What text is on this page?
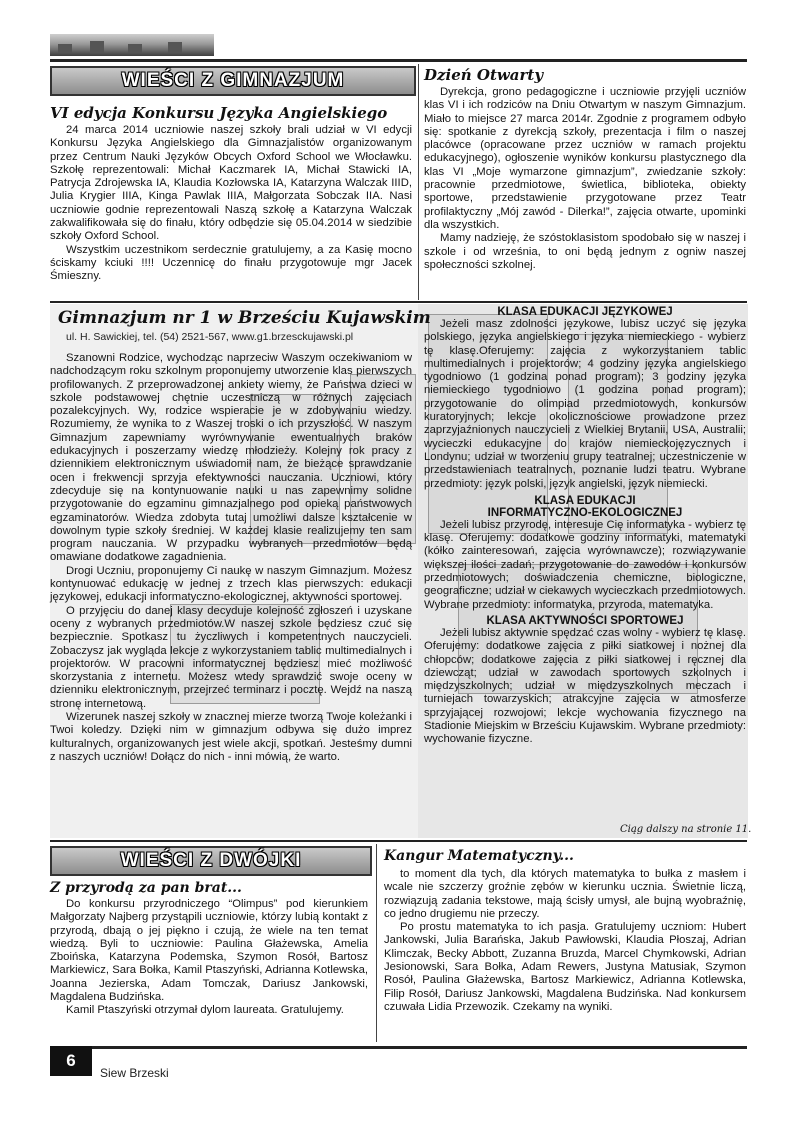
WIEŚCI Z GIMNAZJUM
VI edycja Konkursu Języka Angielskiego
24 marca 2014 uczniowie naszej szkoły brali udział w VI edycji Konkursu Języka Angielskiego dla Gimnazjalistów organizowanym przez Centrum Nauki Języków Obcych Oxford School we Włocławku. Szkołę reprezentowali: Michał Kaczmarek IA, Michał Stawicki IA, Patrycja Zdrojewska IA, Klaudia Kozłowska IA, Katarzyna Walczak IIID, Julia Krygier IIIA, Kinga Pawlak IIIA, Małgorzata Sobczak IIA. Nasi uczniowie godnie reprezentowali Naszą szkołę a Katarzyna Walczak zakwalifikowała się do finału, który odbędzie się 05.04.2014 w siedzibie szkoły Oxford School.
Wszystkim uczestnikom serdecznie gratulujemy, a za Kasię mocno ściskamy kciuki !!!! Uczennicę do finału przygotowuje mgr Jacek Śmieszny.
Dzień Otwarty
Dyrekcja, grono pedagogiczne i uczniowie przyjęli uczniów klas VI i ich rodziców na Dniu Otwartym w naszym Gimnazjum. Miało to miejsce 27 marca 2014r. Zgodnie z programem odbyło się: spotkanie z dyrekcją szkoły, prezentacja i film o naszej placówce (opracowane przez uczniów w ramach projektu edukacyjnego), ogłoszenie wyników konkursu plastycznego dla klas VI „Moje wymarzone gimnazjum”, zwiedzanie szkoły: pracownie przedmiotowe, świetlica, biblioteka, obiekty sportowe, przedstawienie przygotowane przez Teatr profilaktyczny „Mój zawód - Dilerka!”, zajęcia otwarte, upominki dla wszystkich.
Mamy nadzieję, że szóstoklasistom spodobało się w naszej i szkole i od września, to oni będą jednym z ogniw naszej społeczności szkolnej.
Gimnazjum nr 1 w Brześciu Kujawskim
ul. H. Sawickiej, tel. (54) 2521-567, www.g1.brzesckujawski.pl
Szanowni Rodzice, wychodząc naprzeciw Waszym oczekiwaniom w nadchodzącym roku szkolnym proponujemy utworzenie klas pierwszych profilowanych. Z przeprowadzonej ankiety wiemy, że Państwa dzieci w szkole podstawowej chętnie uczestniczą w różnych zajęciach pozalekcyjnych. Wy, rodzice wspieracie je w zdobywaniu wiedzy. Rozumiemy, że wynika to z Waszej troski o ich przyszłość. W naszym Gimnazjum zapewniamy wyrównywanie ewentualnych braków edukacyjnych i poszerzamy wiedzę młodzieży. Kolejny rok pracy z dziennikiem elektronicznym uświadomił nam, że bieżące sprawdzanie ocen i frekwencji sprzyja efektywności nauczania. Uczniowi, który zdecyduje się na kontynuowanie nauki u nas zapewnimy solidne przygotowanie do egzaminu gimnazjalnego pod opieką państwowych egzaminatorów. Wiedza zdobyta tutaj umożliwi dalsze kształcenie w dowolnym typie szkoły średniej. W każdej klasie realizujemy ten sam program nauczania. W przypadku wybranych przedmiotów będą omawiane dodatkowe zagadnienia.
Drogi Uczniu, proponujemy Ci naukę w naszym Gimnazjum. Możesz kontynuować edukację w jednej z trzech klas pierwszych: edukacji językowej, edukacji informatyczno-ekologicznej, aktywności sportowej.
O przyjęciu do danej klasy decyduje kolejność zgłoszeń i uzyskane oceny z wybranych przedmiotów.W naszej szkole będziesz czuć się bezpiecznie. Spotkasz tu życzliwych i kompetentnych nauczycieli. Zobaczysz jak wygląda lekcje z wykorzystaniem tablic multimedialnych i projektorów. W pracowni informatycznej będziesz mieć możliwość skorzystania z internetu. Możesz wtedy sprawdzić swoje oceny w dzienniku elektronicznym, przejrzeć terminarz i pocztę. Wejdź na naszą stronę internetową.
Wizerunek naszej szkoły w znacznej mierze tworzą Twoje koleżanki i Twoi koledzy. Dzięki nim w gimnazjum odbywa się dużo imprez kulturalnych, organizowanych jest wiele akcji, spotkań. Jesteśmy dumni z naszych uczniów! Dołącz do nich - inni mówią, że warto.
KLASA EDUKACJI JĘZYKOWEJ
Jeżeli masz zdolności językowe, lubisz uczyć się języka polskiego, języka angielskiego i języka niemieckiego - wybierz tę klasę.Oferujemy: zajęcia z wykorzystaniem tablic multimedialnych i projektorów; 4 godziny języka angielskiego tygodniowo (1 godzina ponad program); 3 godziny języka niemieckiego tygodniowo (1 godzina ponad program); przygotowanie do olimpiad przedmiotowych, konkursów kuratoryjnych; lekcje okolicznościowe prowadzone przez zaprzyjaźnionych nauczycieli z Wielkiej Brytanii, USA, Australii; wycieczki edukacyjne do krajów niemieckojęzycznych i Londynu; udział w tworzeniu grupy teatralnej; uczestniczenie w przedstawieniach teatralnych, poznanie ludzi teatru. Wybrane przedmioty: język polski, język angielski, język niemiecki.
KLASA EDUKACJI
INFORMATYCZNO-EKOLOGICZNEJ
Jeżeli lubisz przyrodę, interesuje Cię informatyka - wybierz tę klasę. Oferujemy: dodatkowe godziny informatyki, matematyki (kółko zainteresowań, zajęcia wyrównawcze); rozwiązywanie większej ilości zadań; przygotowanie do zawodów i konkursów przedmiotowych; doświadczenia chemiczne, biologiczne, geograficzne; udział w ciekawych wycieczkach przedmiotowych. Wybrane przedmioty: informatyka, przyroda, matematyka.
KLASA AKTYWNOŚCI SPORTOWEJ
Jeżeli lubisz aktywnie spędzać czas wolny - wybierz tę klasę. Oferujemy: dodatkowe zajęcia z piłki siatkowej i nożnej dla chłopców; dodatkowe zajęcia z piłki siatkowej i ręcznej dla dziewcząt; udział w zawodach sportowych szkolnych i międzyszkolnych; udział w międzyszkolnych meczach i turniejach towarzyskich; atrakcyjne zajęcia w atmosferze sprzyjającej rozwojowi; lekcje wychowania fizycznego na Stadionie Miejskim w Brześciu Kujawskim. Wybrane przedmioty: wychowanie fizyczne.
Ciąg dalszy na stronie 11.
WIEŚCI Z DWÓJKI
Z przyrodą za pan brat...
Do konkursu przyrodniczego “Olimpus” pod kierunkiem Małgorzaty Najberg przystąpili uczniowie, którzy lubią kontakt z przyrodą, dbają o jej piękno i czują, że wiele na ten temat wiedzą. Byli to uczniowie: Paulina Głażewska, Amelia Zboińska, Katarzyna Podemska, Szymon Rosół, Bartosz Markiewicz, Sara Bołka, Kamil Ptaszyński, Adrianna Kotlewska, Joanna Jezierska, Adam Tomczak, Dariusz Jankowski, Magdalena Budzińska.
Kamil Ptaszyński otrzymał dylom laureata. Gratulujemy.
Kangur Matematyczny...
to moment dla tych, dla których matematyka to bułka z masłem i wcale nie szczerzy groźnie zębów w kierunku ucznia. Świetnie liczą, rozwiązują zadania tekstowe, mają ścisły umysł, ale bujną wyobraźnię, co jedno drugiemu nie przeczy.
Po prostu matematyka to ich pasja. Gratulujemy uczniom: Hubert Jankowski, Julia Barańska, Jakub Pawłowski, Klaudia Płoszaj, Adrian Klimczak, Becky Abbott, Zuzanna Bruzda, Marcel Chymkowski, Adrian Jesionowski, Sara Bołka, Adam Rewers, Justyna Matusiak, Szymon Rosół, Paulina Głażewska, Bartosz Markiewicz, Adrianna Kotlewska, Filip Rosół, Dariusz Jankowski, Magdalena Budzińska. Nad konkursem czuwała Lidia Przewozik. Czekamy na wyniki.
6
Siew Brzeski
